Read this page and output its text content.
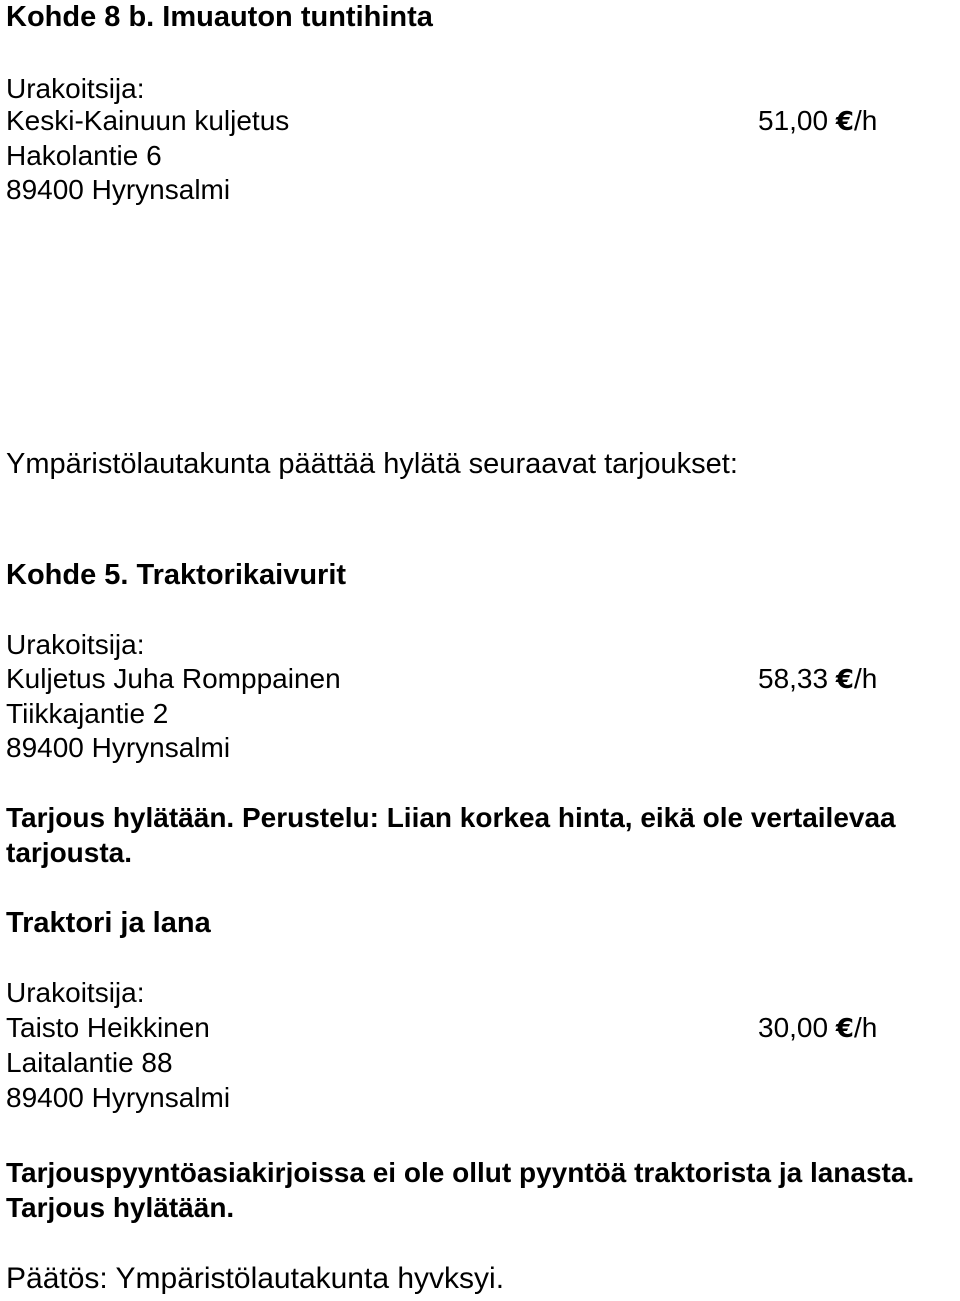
Kohde 8 b. Imuauton tuntihinta
Urakoitsija:
Keski-Kainuun kuljetus	51,00 €/h
Hakolantie 6
89400 Hyrynsalmi
Ympäristölautakunta päättää hylätä seuraavat tarjoukset:
Kohde 5. Traktorikaivurit
Urakoitsija:
Kuljetus Juha Romppainen	58,33 €/h
Tiikkajantie 2
89400 Hyrynsalmi
Tarjous hylätään. Perustelu: Liian korkea hinta, eikä ole vertailevaa
tarjousta.
Traktori ja lana
Urakoitsija:
Taisto Heikkinen	30,00 €/h
Laitalantie 88
89400 Hyrynsalmi
Tarjouspyyntöasiakirjoissa ei ole ollut pyyntöä traktorista ja lanasta.
Tarjous hylätään.
Päätös: Ympäristölautakunta hyvksyi.
